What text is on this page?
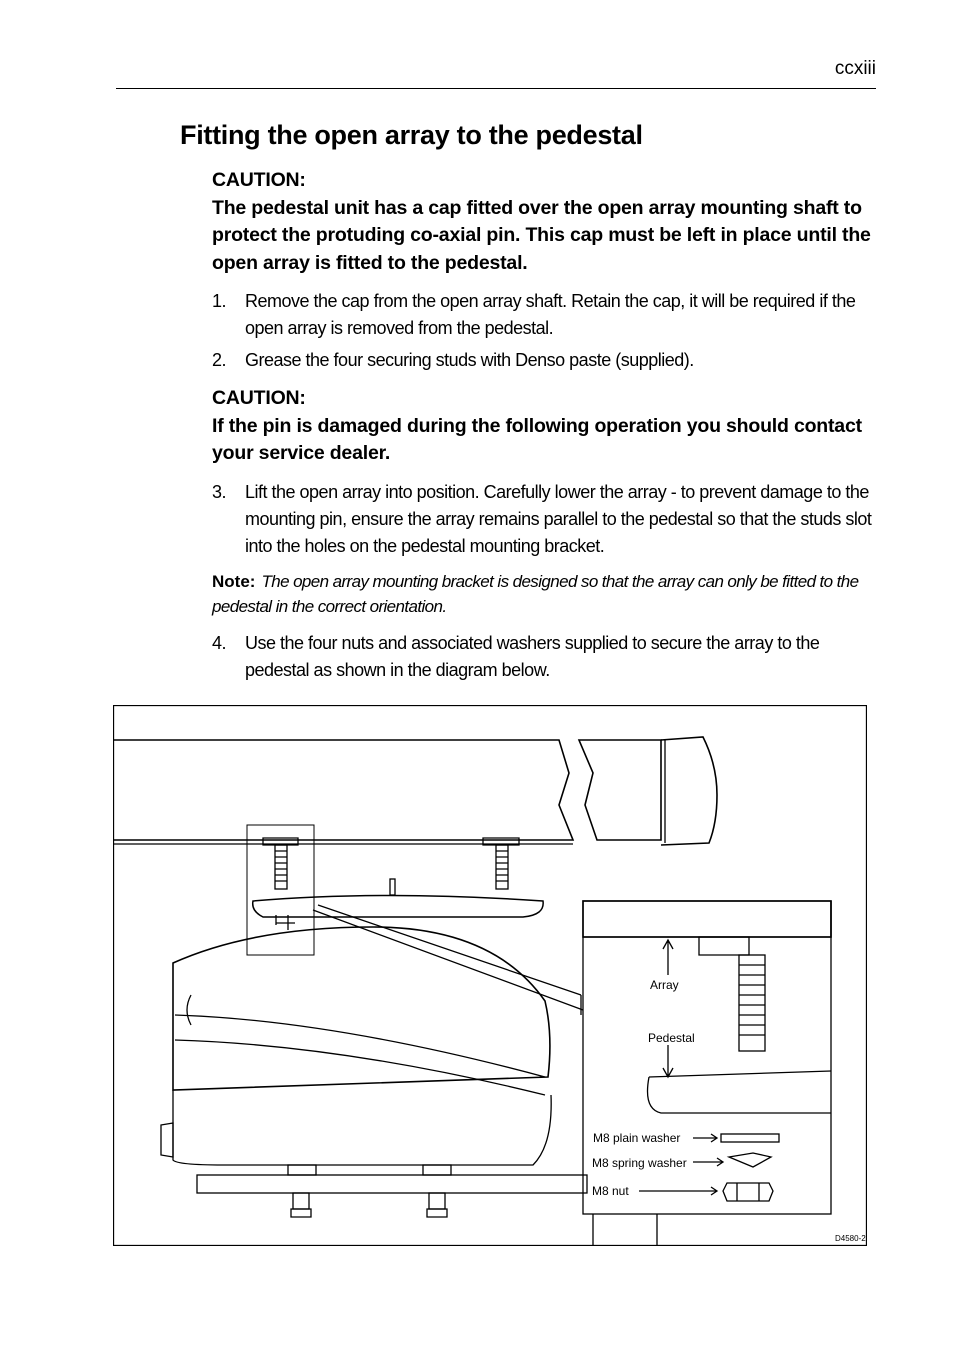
ccxiii
Fitting the open array to the pedestal
CAUTION:
The pedestal unit has a cap fitted over the open array mounting shaft to protect the protuding co-axial pin. This cap must be left in place until the open array is fitted to the pedestal.
1. Remove the cap from the open array shaft. Retain the cap, it will be required if the open array is removed from the pedestal.
2. Grease the four securing studs with Denso paste (supplied).
CAUTION:
If the pin is damaged during the following operation you should contact your service dealer.
3. Lift the open array into position. Carefully lower the array - to prevent damage to the mounting pin, ensure the array remains parallel to the pedestal so that the studs slot into the holes on the pedestal mounting bracket.
Note: The open array mounting bracket is designed so that the array can only be fitted to the pedestal in the correct orientation.
4. Use the four nuts and associated washers supplied to secure the array to the pedestal as shown in the diagram below.
Array
Pedestal
M8 plain washer
M8 spring washer
M8 nut
D4580-2
